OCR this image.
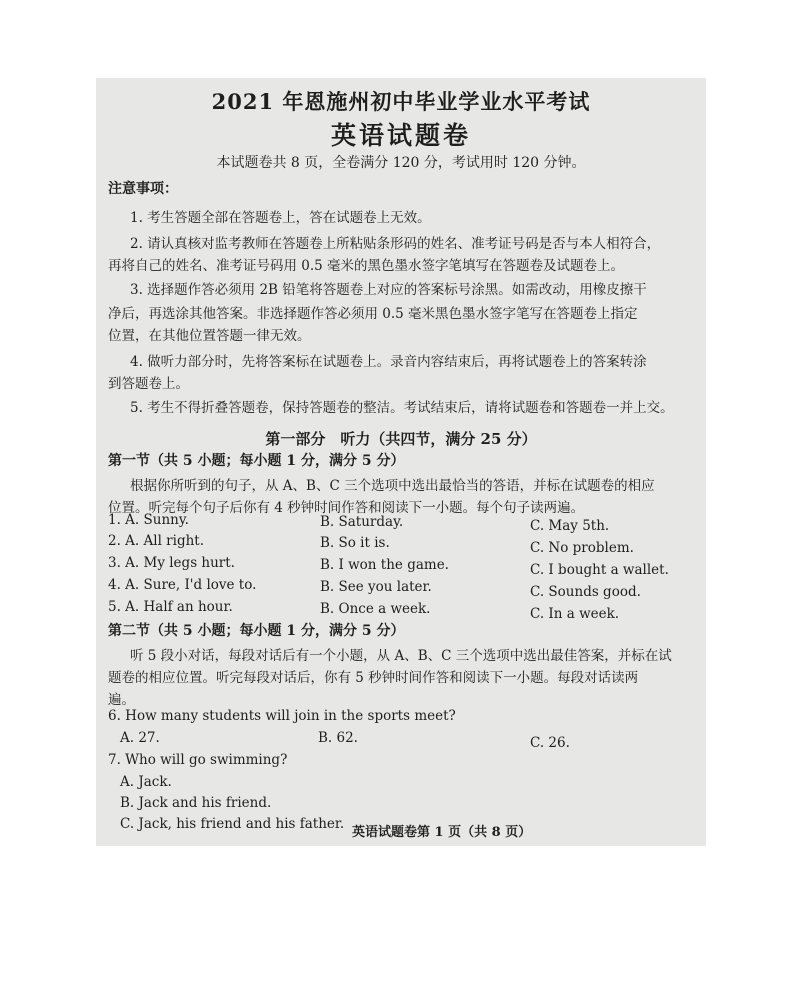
2021 年恩施州初中毕业学业水平考试
英语试题卷
本试题卷共 8 页，全卷满分 120 分，考试用时 120 分钟。
注意事项：
1. 考生答题全部在答题卷上，答在试题卷上无效。
2. 请认真核对监考教师在答题卷上所粘贴条形码的姓名、准考证号码是否与本人相符合，
再将自己的姓名、准考证号码用 0.5 毫米的黑色墨水签字笔填写在答题卷及试题卷上。
3. 选择题作答必须用 2B 铅笔将答题卷上对应的答案标号涂黑。如需改动，用橡皮擦干
净后，再选涂其他答案。非选择题作答必须用 0.5 毫米黑色墨水签字笔写在答题卷上指定
位置，在其他位置答题一律无效。
4. 做听力部分时，先将答案标在试题卷上。录音内容结束后，再将试题卷上的答案转涂
到答题卷上。
5. 考生不得折叠答题卷，保持答题卷的整洁。考试结束后，请将试题卷和答题卷一并上交。
第一部分　听力（共四节，满分 25 分）
第一节（共 5 小题；每小题 1 分，满分 5 分）
根据你所听到的句子，从 A、B、C 三个选项中选出最恰当的答语，并标在试题卷的相应
位置。听完每个句子后你有 4 秒钟时间作答和阅读下一小题。每个句子读两遍。
1. A. Sunny.	B. Saturday.	C. May 5th.
2. A. All right.	B. So it is.	C. No problem.
3. A. My legs hurt.	B. I won the game.	C. I bought a wallet.
4. A. Sure, I'd love to.	B. See you later.	C. Sounds good.
5. A. Half an hour.	B. Once a week.	C. In a week.
第二节（共 5 小题；每小题 1 分，满分 5 分）
听 5 段小对话，每段对话后有一个小题，从 A、B、C 三个选项中选出最佳答案，并标在试
题卷的相应位置。听完每段对话后，你有 5 秒钟时间作答和阅读下一小题。每段对话读两
遍。
6. How many students will join in the sports meet?
A. 27.	B. 62.	C. 26.
7. Who will go swimming?
A. Jack.
B. Jack and his friend.
C. Jack, his friend and his father.
英语试题卷第 1 页（共 8 页）
